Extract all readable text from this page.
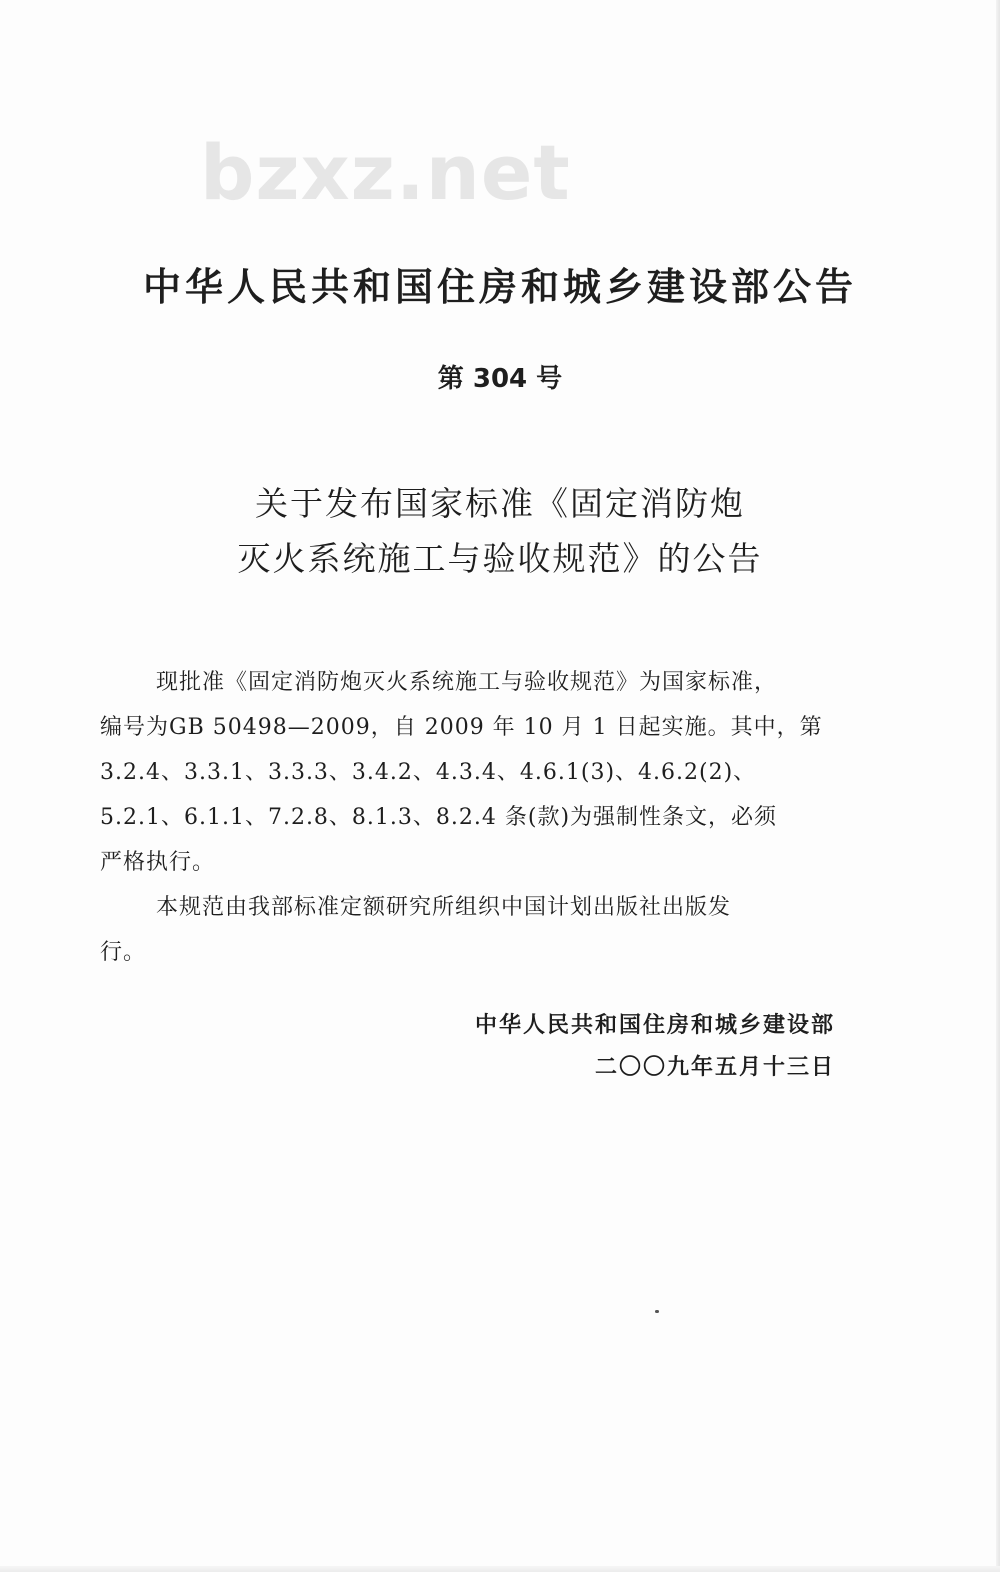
bzxz.net
中华人民共和国住房和城乡建设部公告
第 304 号
关于发布国家标准《固定消防炮
灭火系统施工与验收规范》的公告
现批准《固定消防炮灭火系统施工与验收规范》为国家标准，
编号为GB 50498—2009，自 2009 年 10 月 1 日起实施。其中，第
3.2.4、3.3.1、3.3.3、3.4.2、4.3.4、4.6.1(3)、4.6.2(2)、
5.2.1、6.1.1、7.2.8、8.1.3、8.2.4 条(款)为强制性条文，必须
严格执行。
本规范由我部标准定额研究所组织中国计划出版社出版发
行。
中华人民共和国住房和城乡建设部
二〇〇九年五月十三日
